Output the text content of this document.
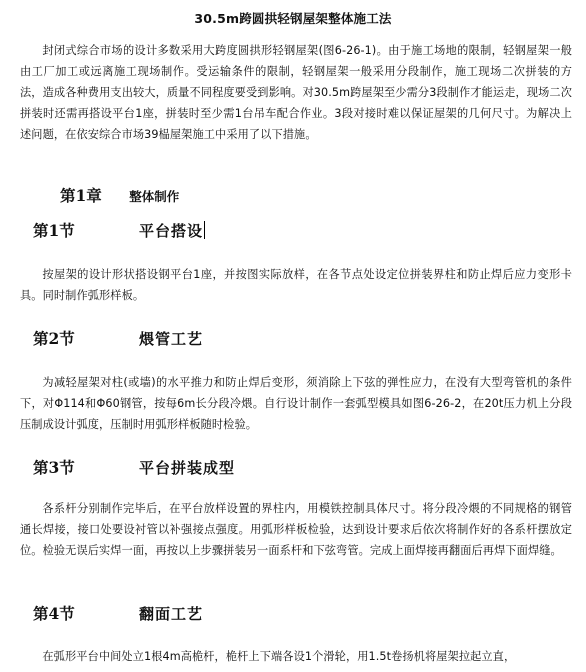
30.5m跨圆拱轻钢屋架整体施工法
封闭式综合市场的设计多数采用大跨度圆拱形轻钢屋架(图6-26-1)。由于施工场地的限制，轻钢屋架一般由工厂加工或远离施工现场制作。受运输条件的限制，轻钢屋架一般采用分段制作，施工现场二次拼装的方法，造成各种费用支出较大，质量不同程度要受到影响。对30.5m跨屋架至少需分3段制作才能运走，现场二次拼装时还需再搭设平台1座，拼装时至少需1台吊车配合作业。3段对接时难以保证屋架的几何尺寸。为解决上述问题，在依安综合市场39榀屋架施工中采用了以下措施。
第1章 整体制作
第1节	平台搭设
按屋架的设计形状搭设钢平台1座，并按图实际放样，在各节点处设定位拼装界柱和防止焊后应力变形卡具。同时制作弧形样板。
第2节	煨管工艺
为减轻屋架对柱(或墙)的水平推力和防止焊后变形，须消除上下弦的弹性应力，在没有大型弯管机的条件下，对Φ114和Φ60钢管，按每6m长分段冷煨。自行设计制作一套弧型模具如图6-26-2，在20t压力机上分段压制成设计弧度，压制时用弧形样板随时检验。
第3节	平台拼装成型
各系杆分别制作完毕后，在平台放样设置的界柱内，用模铁控制具体尺寸。将分段冷煨的不同规格的钢管通长焊接，接口处要设衬管以补强接点强度。用弧形样板检验，达到设计要求后依次将制作好的各系杆摆放定位。检验无误后实焊一面，再按以上步骤拼装另一面系杆和下弦弯管。完成上面焊接再翻面后再焊下面焊缝。
第4节	翻面工艺
在弧形平台中间处立1根4m高桅杆，桅杆上下端各设1个滑轮，用1.5t卷扬机将屋架拉起立直，
